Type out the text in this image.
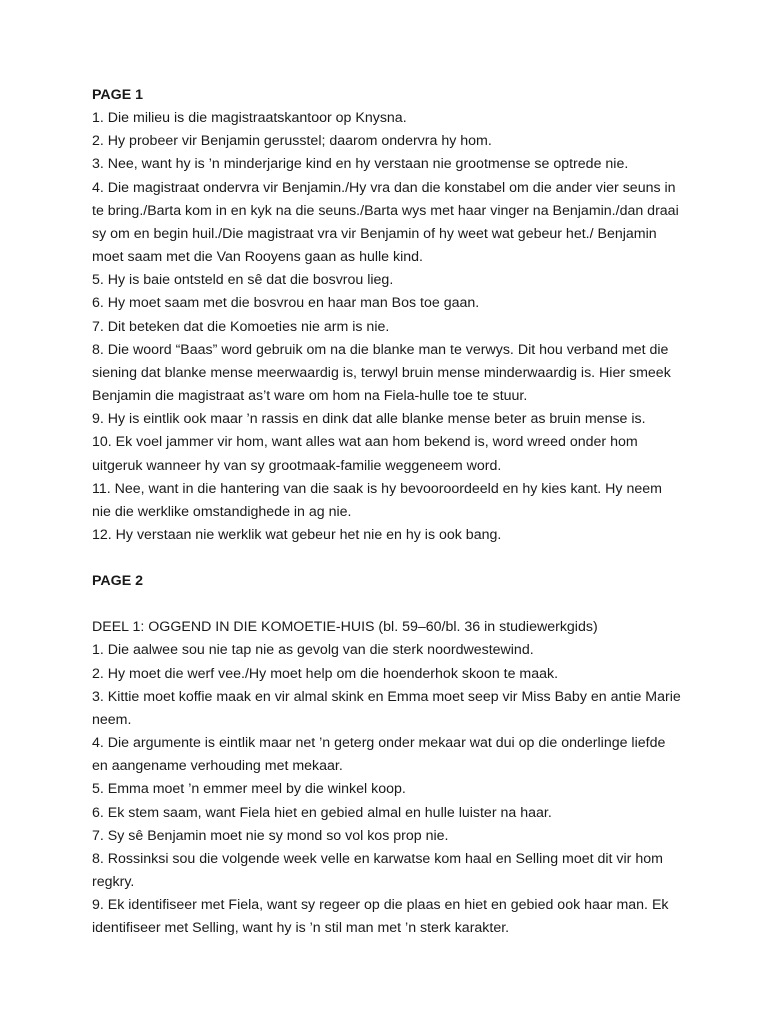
PAGE 1

1. Die milieu is die magistraatskantoor op Knysna.

2. Hy probeer vir Benjamin gerusstel; daarom ondervra hy hom.

3. Nee, want hy is ’n minderjarige kind en hy verstaan nie grootmense se optrede nie.

4. Die magistraat ondervra vir Benjamin./Hy vra dan die konstabel om die ander vier seuns in te bring./Barta kom in en kyk na die seuns./Barta wys met haar vinger na Benjamin./dan draai sy om en begin huil./Die magistraat vra vir Benjamin of hy weet wat gebeur het./ Benjamin moet saam met die Van Rooyens gaan as hulle kind.

5. Hy is baie ontsteld en sê dat die bosvrou lieg.

6. Hy moet saam met die bosvrou en haar man Bos toe gaan.

7. Dit beteken dat die Komoeties nie arm is nie.

8. Die woord “Baas” word gebruik om na die blanke man te verwys. Dit hou verband met die siening dat blanke mense meerwaardig is, terwyl bruin mense minderwaardig is. Hier smeek Benjamin die magistraat as’t ware om hom na Fiela-hulle toe te stuur.

9. Hy is eintlik ook maar ’n rassis en dink dat alle blanke mense beter as bruin mense is.

10. Ek voel jammer vir hom, want alles wat aan hom bekend is, word wreed onder hom uitgeruk wanneer hy van sy grootmaak-familie weggeneem word.

11. Nee, want in die hantering van die saak is hy bevooroordeeld en hy kies kant. Hy neem nie die werklike omstandighede in ag nie.

12. Hy verstaan nie werklik wat gebeur het nie en hy is ook bang.

PAGE 2

DEEL 1: OGGEND IN DIE KOMOETIE-HUIS (bl. 59–60/bl. 36 in studiewerkgids)

1. Die aalwee sou nie tap nie as gevolg van die sterk noordwestewind.

2. Hy moet die werf vee./Hy moet help om die hoenderhok skoon te maak.

3. Kittie moet koffie maak en vir almal skink en Emma moet seep vir Miss Baby en antie Marie neem.

4. Die argumente is eintlik maar net ’n geterg onder mekaar wat dui op die onderlinge liefde en aangename verhouding met mekaar.

5. Emma moet ’n emmer meel by die winkel koop.

6. Ek stem saam, want Fiela hiet en gebied almal en hulle luister na haar.

7. Sy sê Benjamin moet nie sy mond so vol kos prop nie.

8. Rossinksi sou die volgende week velle en karwatse kom haal en Selling moet dit vir hom regkry.

9. Ek identifiseer met Fiela, want sy regeer op die plaas en hiet en gebied ook haar man. Ek identifiseer met Selling, want hy is ’n stil man met ’n sterk karakter.
